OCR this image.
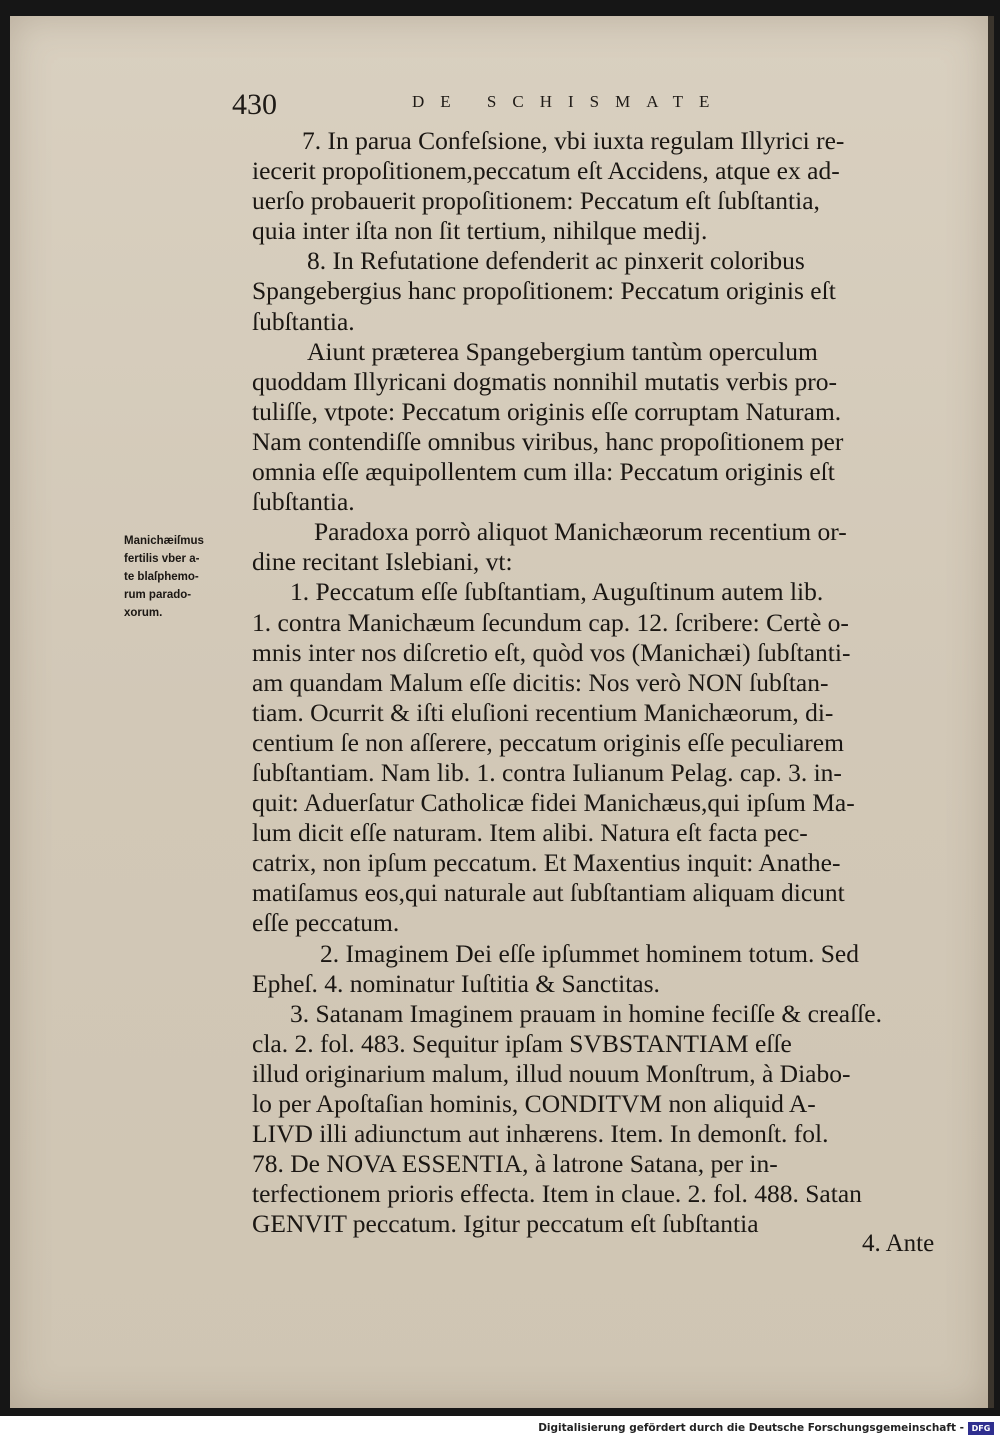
430	DE SCHISMATE

7. In parua Confeſsione, vbi iuxta regulam Illyrici re-

iecerit propoſitionem,peccatum eſt Accidens, atque ex ad-

uerſo probauerit propoſitionem: Peccatum eſt ſubſtantia,

quia inter iſta non ſit tertium, nihilque medij.

8. In Refutatione defenderit ac pinxerit coloribus

Spangebergius hanc propoſitionem: Peccatum originis eſt

ſubſtantia.

Aiunt prӕterea Spangebergium tantùm operculum

quoddam Illyricani dogmatis nonnihil mutatis verbis pro-

tuliſſe, vtpote: Peccatum originis eſſe corruptam Naturam.

Nam contendiſſe omnibus viribus, hanc propoſitionem per

omnia eſſe ӕquipollentem cum illa: Peccatum originis eſt

ſubſtantia.

Paradoxa porrò aliquot Manichӕorum recentium or-

dine recitant Islebiani, vt:

1. Peccatum eſſe ſubſtantiam, Auguſtinum autem lib.

1. contra Manichӕum ſecundum cap. 12. ſcribere: Certè o-

mnis inter nos diſcretio eſt, quòd vos (Manichӕi) ſubſtanti-

am quandam Malum eſſe dicitis: Nos verò NON ſubſtan-

tiam. Ocurrit & iſti eluſioni recentium Manichӕorum, di-

centium ſe non aſſerere, peccatum originis eſſe peculiarem

ſubſtantiam. Nam lib. 1. contra Iulianum Pelag. cap. 3. in-

quit: Aduerſatur Catholicӕ fidei Manichӕus,qui ipſum Ma-

lum dicit eſſe naturam. Item alibi. Natura eſt facta pec-

catrix, non ipſum peccatum. Et Maxentius inquit: Anathe-

matiſamus eos,qui naturale aut ſubſtantiam aliquam dicunt

eſſe peccatum.

2. Imaginem Dei eſſe ipſummet hominem totum. Sed

Epheſ. 4. nominatur Iuſtitia & Sanctitas.

3. Satanam Imaginem prauam in homine feciſſe & creaſſe.

cla. 2. fol. 483. Sequitur ipſam SVBSTANTIAM eſſe

illud originarium malum, illud nouum Monſtrum, à Diabo-

lo per Apoſtaſian hominis, CONDITVM non aliquid A-

LIVD illi adiunctum aut inhӕrens. Item. In demonſt. fol.

78. De NOVA ESSENTIA, à latrone Satana, per in-

terfectionem prioris effecta. Item in claue. 2. fol. 488. Satan

GENVIT peccatum. Igitur peccatum eſt ſubſtantia

Manichӕiſmus

fertilis vber a-

te blaſphemo-

rum parado-

xorum.

4. Ante
Digitalisierung gefördert durch die Deutsche Forschungsgemeinschaft - DFG
